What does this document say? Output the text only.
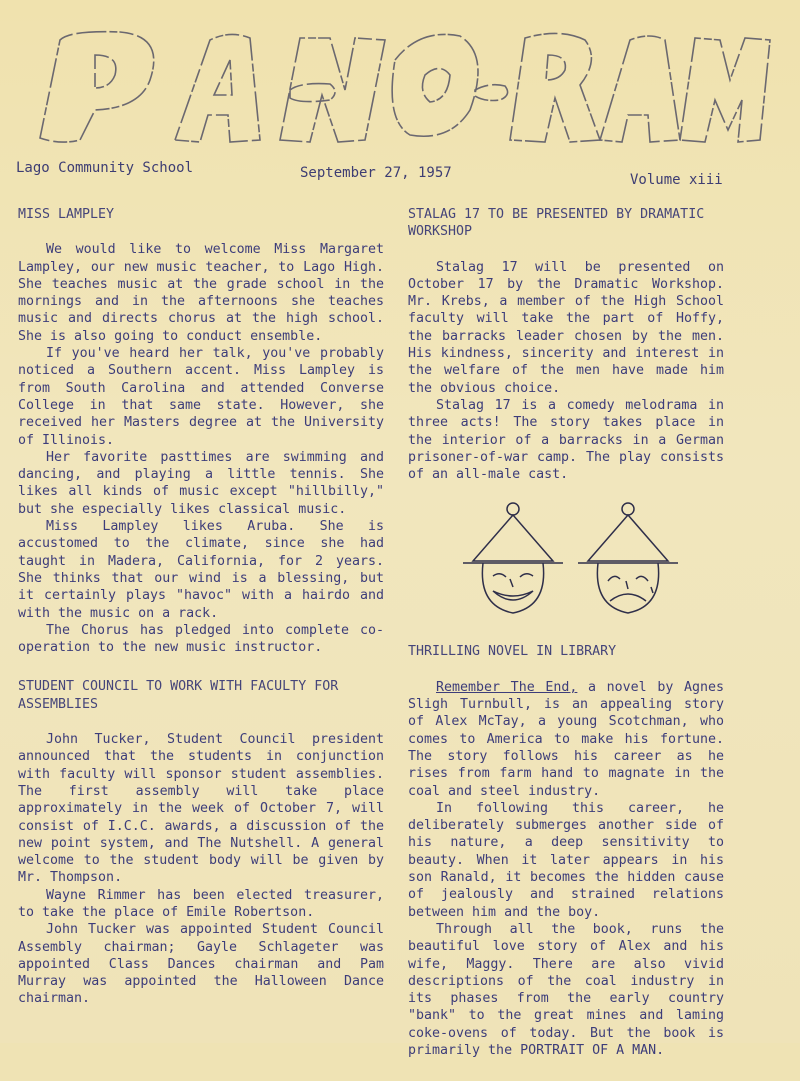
Lago Community School	September 27, 1957	Volume xiii
MISS LAMPLEY

We would like to welcome Miss Margaret Lampley, our new music teacher, to Lago High. She teaches music at the grade school in the mornings and in the afternoons she teaches music and directs chorus at the high school. She is also going to conduct ensemble.

If you've heard her talk, you've probably noticed a Southern accent. Miss Lampley is from South Carolina and attended Converse College in that same state. However, she received her Masters degree at the University of Illinois.

Her favorite pasttimes are swimming and dancing, and playing a little tennis. She likes all kinds of music except "hillbilly," but she especially likes classical music.

Miss Lampley likes Aruba. She is accustomed to the climate, since she had taught in Madera, California, for 2 years. She thinks that our wind is a blessing, but it certainly plays "havoc" with a hairdo and with the music on a rack.

The Chorus has pledged into complete co-operation to the new music instructor.

STUDENT COUNCIL TO WORK WITH FACULTY FOR ASSEMBLIES

John Tucker, Student Council president announced that the students in conjunction with faculty will sponsor student assemblies. The first assembly will take place approximately in the week of October 7, will consist of I.C.C. awards, a discussion of the new point system, and The Nutshell. A general welcome to the student body will be given by Mr. Thompson.

Wayne Rimmer has been elected treasurer, to take the place of Emile Robertson.

John Tucker was appointed Student Council Assembly chairman; Gayle Schlageter was appointed Class Dances chairman and Pam Murray was appointed the Halloween Dance chairman.

STALAG 17 TO BE PRESENTED BY DRAMATIC WORKSHOP

Stalag 17 will be presented on October 17 by the Dramatic Workshop. Mr. Krebs, a member of the High School faculty will take the part of Hoffy, the barracks leader chosen by the men. His kindness, sincerity and interest in the welfare of the men have made him the obvious choice.

Stalag 17 is a comedy melodrama in three acts! The story takes place in the interior of a barracks in a German prisoner-of-war camp. The play consists of an all-male cast.

THRILLING NOVEL IN LIBRARY

Remember The End, a novel by Agnes Sligh Turnbull, is an appealing story of Alex McTay, a young Scotchman, who comes to America to make his fortune. The story follows his career as he rises from farm hand to magnate in the coal and steel industry.

In following this career, he deliberately submerges another side of his nature, a deep sensitivity to beauty. When it later appears in his son Ranald, it becomes the hidden cause of jealously and strained relations between him and the boy.

Through all the book, runs the beautiful love story of Alex and his wife, Maggy. There are also vivid descriptions of the coal industry in its phases from the early country "bank" to the great mines and laming coke-ovens of today. But the book is primarily the PORTRAIT OF A MAN.
